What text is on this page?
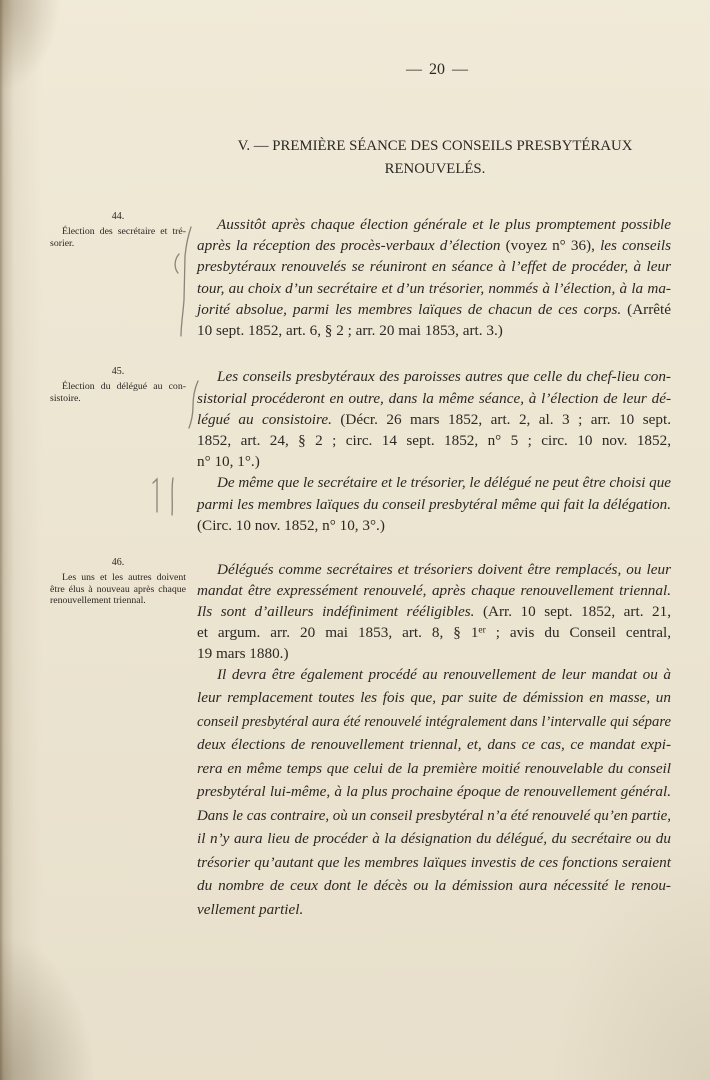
— 20 —
V. — PREMIÈRE SÉANCE DES CONSEILS PRESBYTÉRAUX
RENOUVELÉS.
44.
Élection des secrétaire et tré-
sorier.
Aussitôt après chaque élection générale et le plus promptement possible
après la réception des procès-verbaux d’élection (voyez n° 36), les conseils
presbytéraux renouvelés se réuniront en séance à l’effet de procéder, à leur
tour, au choix d’un secrétaire et d’un trésorier, nommés à l’élection, à la ma-
jorité absolue, parmi les membres laïques de chacun de ces corps. (Arrêté
10 sept. 1852, art. 6, § 2 ; arr. 20 mai 1853, art. 3.)
45.
Élection du délégué au con-
sistoire.
Les conseils presbytéraux des paroisses autres que celle du chef-lieu con-
sistorial procéderont en outre, dans la même séance, à l’élection de leur dé-
légué au consistoire. (Décr. 26 mars 1852, art. 2, al. 3 ; arr. 10 sept.
1852, art. 24, § 2 ; circ. 14 sept. 1852, n° 5 ; circ. 10 nov. 1852,
n° 10, 1°.)
De même que le secrétaire et le trésorier, le délégué ne peut être choisi que
parmi les membres laïques du conseil presbytéral même qui fait la délégation.
(Circ. 10 nov. 1852, n° 10, 3°.)
46.
Les uns et les autres doivent
être élus à nouveau après chaque
renouvellement triennal.
Délégués comme secrétaires et trésoriers doivent être remplacés, ou leur
mandat être expressément renouvelé, après chaque renouvellement triennal.
Ils sont d’ailleurs indéfiniment rééligibles. (Arr. 10 sept. 1852, art. 21,
et argum. arr. 20 mai 1853, art. 8, § 1er ; avis du Conseil central,
19 mars 1880.)
Il devra être également procédé au renouvellement de leur mandat ou à
leur remplacement toutes les fois que, par suite de démission en masse, un
conseil presbytéral aura été renouvelé intégralement dans l’intervalle qui sépare
deux élections de renouvellement triennal, et, dans ce cas, ce mandat expi-
rera en même temps que celui de la première moitié renouvelable du conseil
presbytéral lui-même, à la plus prochaine époque de renouvellement général.
Dans le cas contraire, où un conseil presbytéral n’a été renouvelé qu’en partie,
il n’y aura lieu de procéder à la désignation du délégué, du secrétaire ou du
trésorier qu’autant que les membres laïques investis de ces fonctions seraient
du nombre de ceux dont le décès ou la démission aura nécessité le renou-
vellement partiel.
